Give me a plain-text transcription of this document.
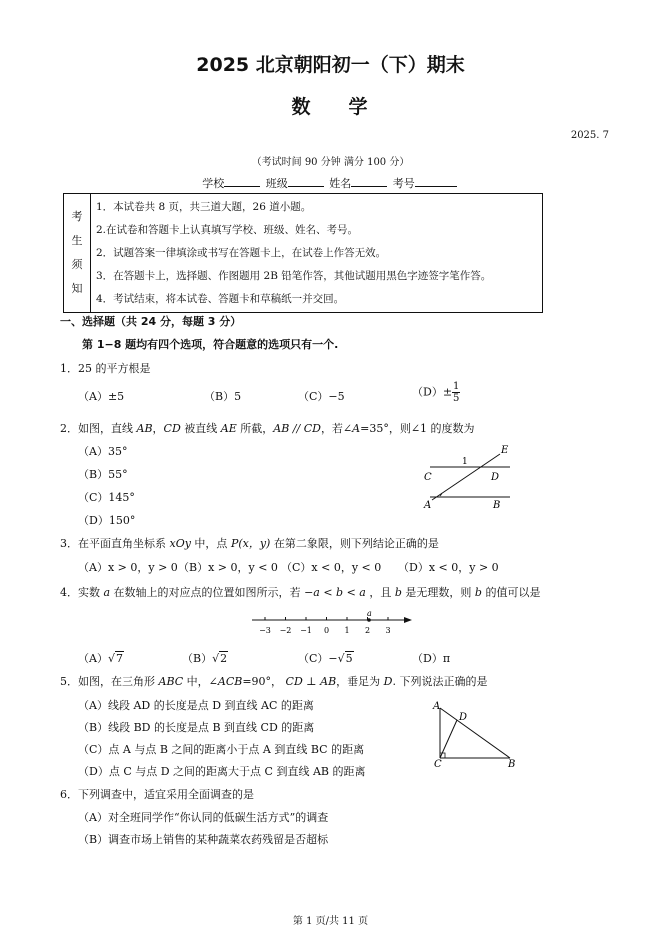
2025 北京朝阳初一（下）期末
数 学
2025. 7
（考试时间 90 分钟 满分 100 分）
学校	班级	姓名	考号
考
生
须
知
1．本试卷共 8 页，共三道大题，26 道小题。
2.在试卷和答题卡上认真填写学校、班级、姓名、考号。
2．试题答案一律填涂或书写在答题卡上，在试卷上作答无效。
3．在答题卡上，选择题、作图题用 2B 铅笔作答，其他试题用黑色字迹签字笔作答。
4．考试结束，将本试卷、答题卡和草稿纸一并交回。
一、选择题（共 24 分，每题 3 分）
第 1−8 题均有四个选项，符合题意的选项只有一个.
1．25 的平方根是
（A）±5	（B）5	（C）−5	$(D)\pm \frac{1}{5}$
2．如图，直线 AB，CD 被直线 AE 所截，AB // CD，若∠A=35°，则∠1 的度数为
（A）35°
（B）55°
（C）145°
（D）150°
E
1
C	D
A	B
3．在平面直角坐标系 xOy 中，点 P(x，y) 在第二象限，则下列结论正确的是
（A）x > 0，y > 0 （B）x > 0，y < 0 （C）x < 0，y < 0 （D）x < 0，y > 0
4．实数 a 在数轴上的对应点的位置如图所示，若 −a < b < a ，且 b 是无理数，则 b 的值可以是
−3 −2 −1 0 1 2 3
a
（A）√7	（B）√2	（C）−√5	（D）π
5．如图，在三角形 ABC 中，∠ACB=90°， CD ⊥ AB，垂足为 D. 下列说法正确的是
（A）线段 AD 的长度是点 D 到直线 AC 的距离
（B）线段 BD 的长度是点 B 到直线 CD 的距离
（C）点 A 与点 B 之间的距离小于点 A 到直线 BC 的距离
（D）点 C 与点 D 之间的距离大于点 C 到直线 AB 的距离
A
D
C	B
6．下列调查中，适宜采用全面调查的是
（A）对全班同学作“你认同的低碳生活方式”的调查
（B）调查市场上销售的某种蔬菜农药残留是否超标
第 1 页/共 11 页
